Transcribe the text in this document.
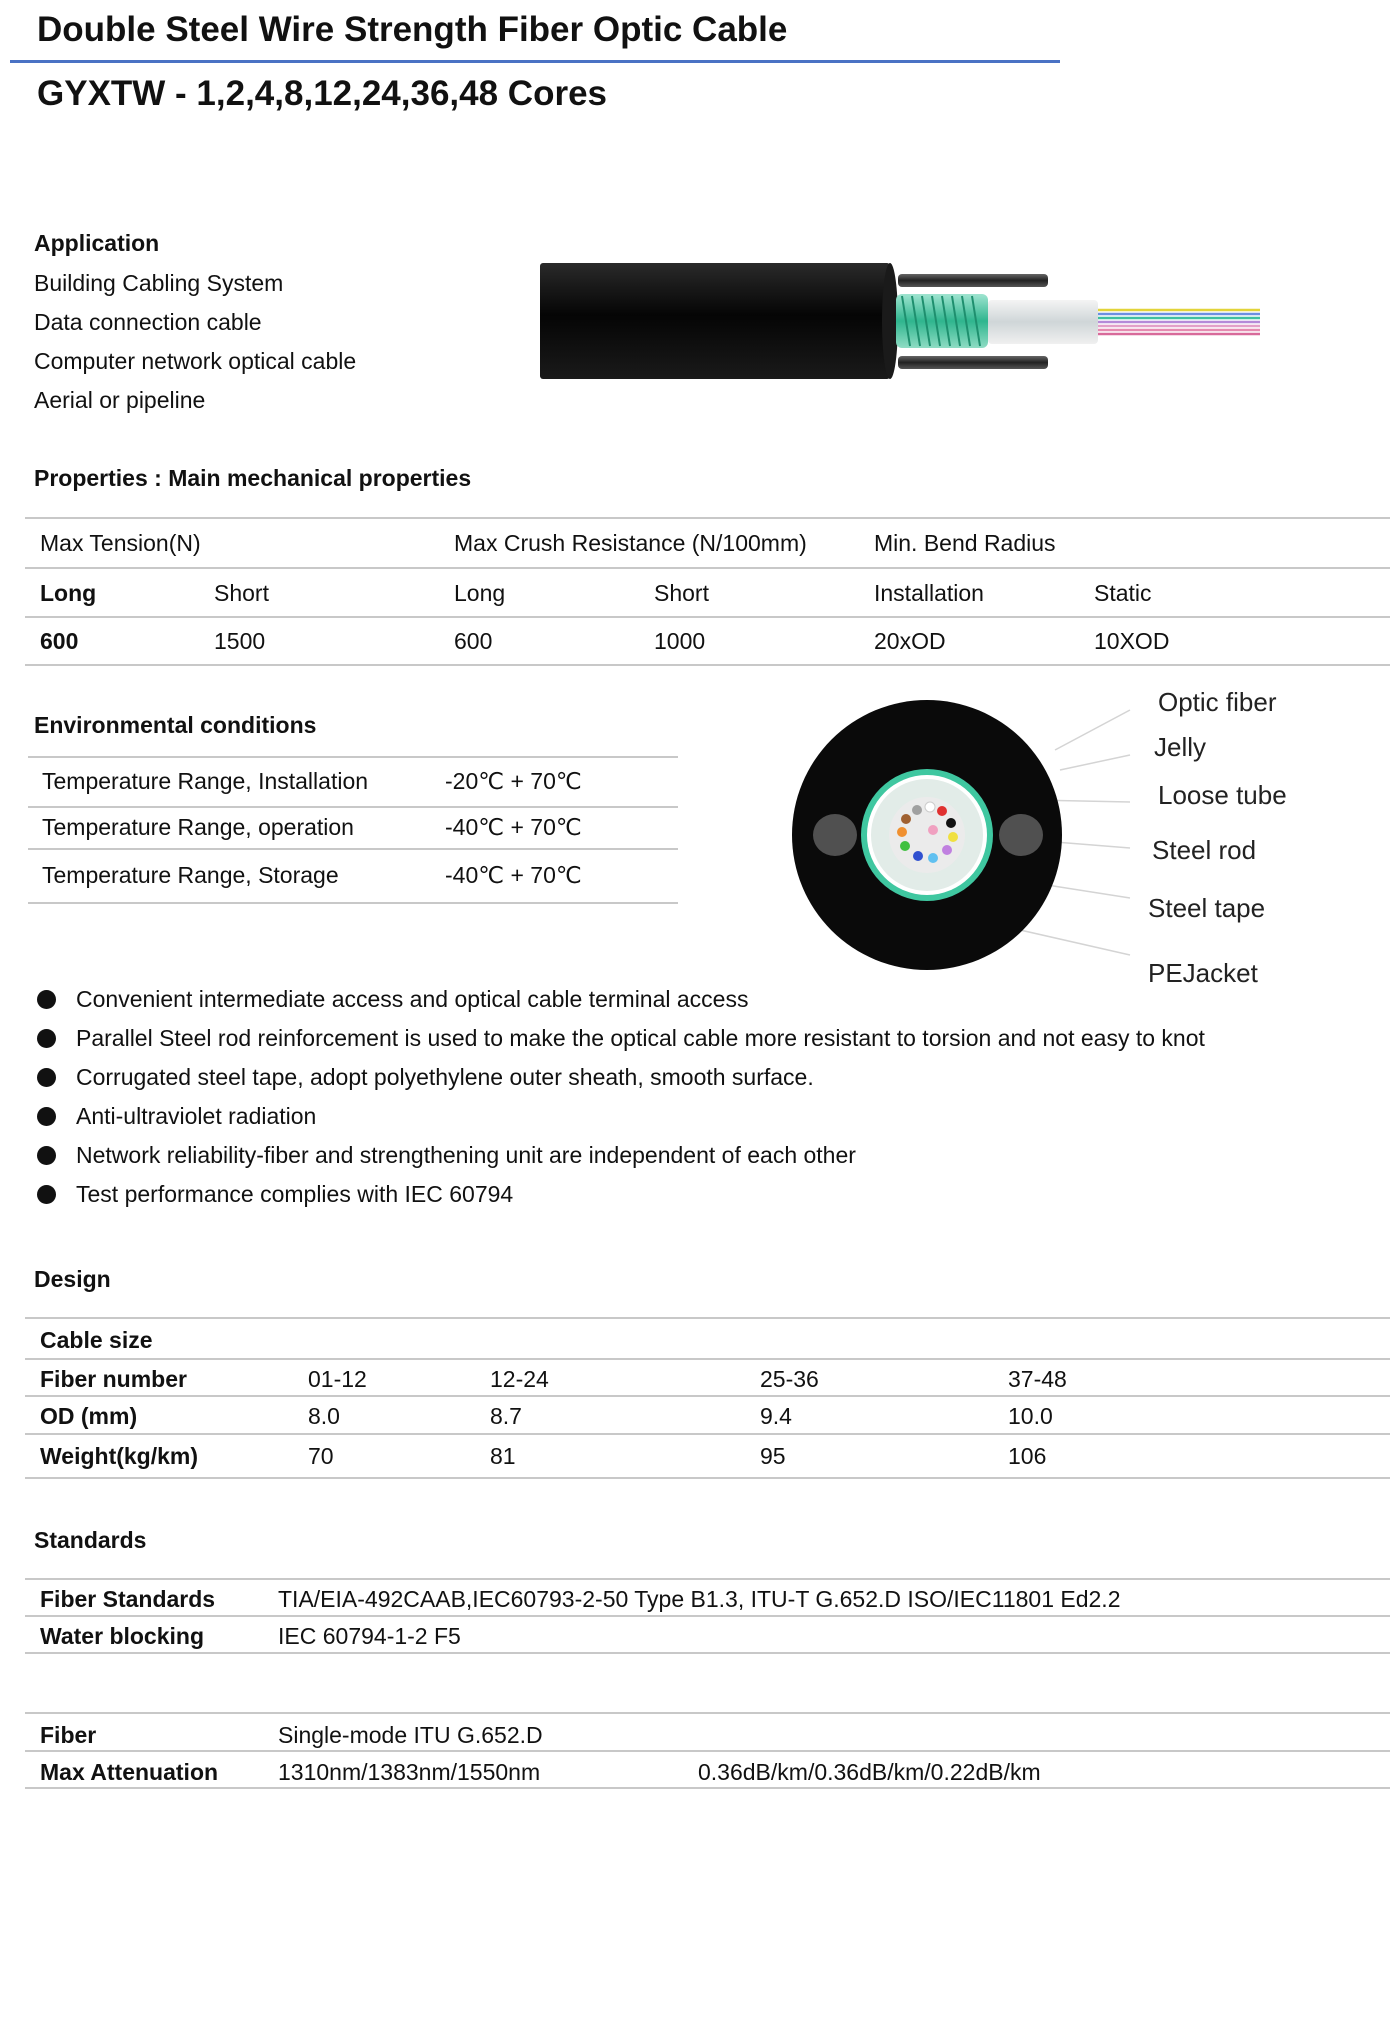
Double Steel Wire Strength Fiber Optic Cable
GYXTW - 1,2,4,8,12,24,36,48 Cores
Application
Building Cabling System
Data connection cable
Computer network optical cable
Aerial or pipeline
Properties : Main mechanical properties
Max Tension(N)	Max Crush Resistance (N/100mm)	Min. Bend Radius
Long	Short	Long	Short	Installation	Static
600	1500	600	1000	20xOD	10XOD
Environmental conditions
Temperature Range, Installation	-20℃ + 70℃
Temperature Range, operation	-40℃ + 70℃
Temperature Range, Storage	-40℃ + 70℃
Optic fiber
Jelly
Loose tube
Steel rod
Steel tape
PEJacket
Convenient intermediate access and optical cable terminal access
Parallel Steel rod reinforcement is used to make the optical cable more resistant to torsion and not easy to knot
Corrugated steel tape, adopt polyethylene outer sheath, smooth surface.
Anti-ultraviolet radiation
Network reliability-fiber and strengthening unit are independent of each other
Test performance complies with IEC 60794
Design
Cable size
Fiber number	01-12	12-24	25-36	37-48
OD (mm)	8.0	8.7	9.4	10.0
Weight(kg/km)	70	81	95	106
Standards
Fiber Standards	TIA/EIA-492CAAB,IEC60793-2-50 Type B1.3, ITU-T G.652.D ISO/IEC11801 Ed2.2
Water blocking	IEC 60794-1-2 F5
Fiber	Single-mode ITU G.652.D
Max Attenuation	1310nm/1383nm/1550nm	0.36dB/km/0.36dB/km/0.22dB/km
